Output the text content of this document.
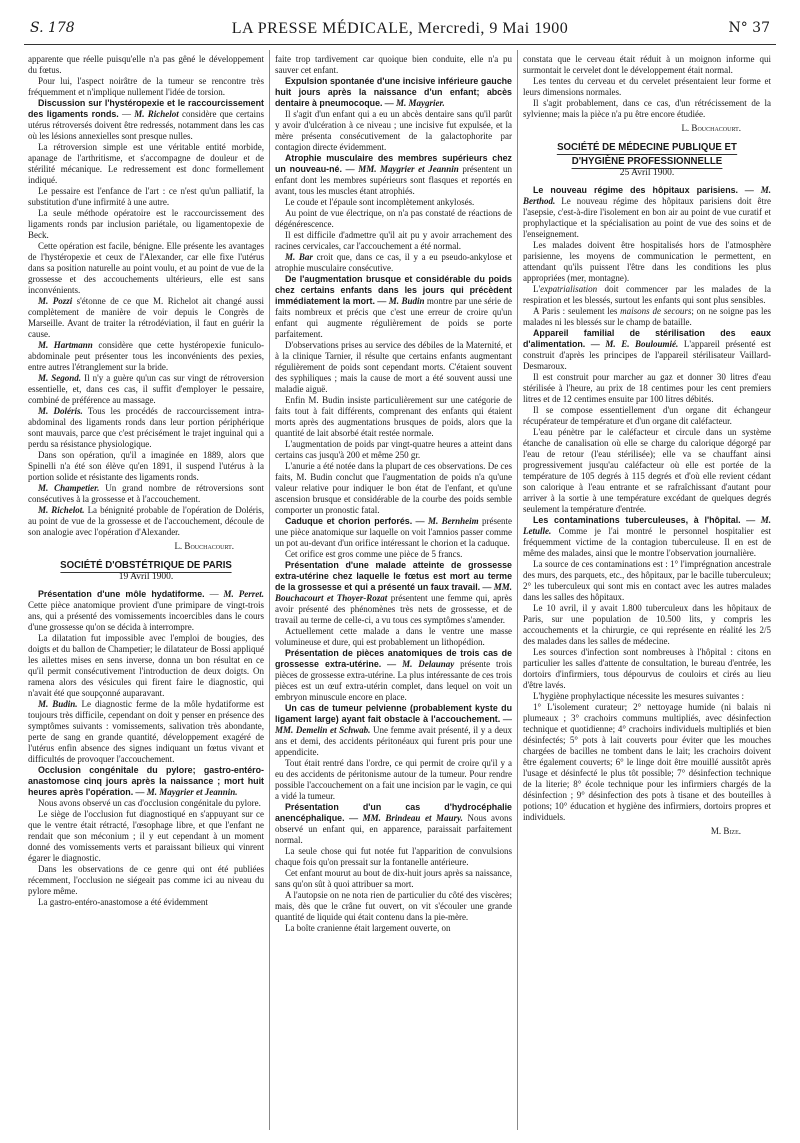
S. 178	LA PRESSE MÉDICALE, Mercredi, 9 Mai 1900	N° 37

apparente que réelle puisqu'elle n'a pas gêné le développement du fœtus.

Pour lui, l'aspect noirâtre de la tumeur se rencontre très fréquemment et n'implique nullement l'idée de torsion.

Discussion sur l'hystéropexie et le raccourcissement des ligaments ronds. — M. Richelot considère que certains utérus rétroversés doivent être redressés, notamment dans les cas où les lésions annexielles sont presque nulles.

La rétroversion simple est une véritable entité morbide, apanage de l'arthritisme, et s'accompagne de douleur et de stérilité mécanique. Le redressement est donc formellement indiqué.

Le pessaire est l'enfance de l'art : ce n'est qu'un palliatif, la substitution d'une infirmité à une autre.

La seule méthode opératoire est le raccourcissement des ligaments ronds par inclusion pariétale, ou ligamentopexie de Beck.

Cette opération est facile, bénigne. Elle présente les avantages de l'hystéropexie et ceux de l'Alexander, car elle fixe l'utérus dans sa position naturelle au point voulu, et au point de vue de la grossesse et des accouchements ultérieurs, elle est sans inconvénients.

M. Pozzi s'étonne de ce que M. Richelot ait changé aussi complètement de manière de voir depuis le Congrès de Marseille. Avant de traiter la rétrodéviation, il faut en guérir la cause.

M. Hartmann considère que cette hystéropexie funiculo-abdominale peut présenter tous les inconvénients des pexies, entre autres l'étranglement sur la bride.

M. Segond. Il n'y a guère qu'un cas sur vingt de rétroversion essentielle, et, dans ces cas, il suffit d'employer le pessaire, combiné de préférence au massage.

M. Doléris. Tous les procédés de raccourcissement intra-abdominal des ligaments ronds dans leur portion périphérique sont mauvais, parce que c'est précisément le trajet inguinal qui a perdu sa résistance physiologique.

Dans son opération, qu'il a imaginée en 1889, alors que Spinelli n'a été son élève qu'en 1891, il suspend l'utérus à la portion solide et résistante des ligaments ronds.

M. Champetier. Un grand nombre de rétroversions sont consécutives à la grossesse et à l'accouchement.

M. Richelot. La bénignité probable de l'opération de Doléris, au point de vue de la grossesse et de l'accouchement, découle de son analogie avec l'opération d'Alexander.

L. Bouchacourt.

SOCIÉTÉ D'OBSTÉTRIQUE DE PARIS

19 Avril 1900.

Présentation d'une môle hydatiforme. — M. Perret. Cette pièce anatomique provient d'une primipare de vingt-trois ans, qui a présenté des vomissements incoercibles dans le cours d'une grossesse qu'on se décida à interrompre.

La dilatation fut impossible avec l'emploi de bougies, des doigts et du ballon de Champetier; le dilatateur de Bossi appliqué les ailettes mises en sens inverse, donna un bon résultat en ce qu'il permit consécutivement l'introduction de deux doigts. On ramena alors des vésicules qui firent faire le diagnostic, qui n'avait été que soupçonné auparavant.

M. Budin. Le diagnostic ferme de la môle hydatiforme est toujours très difficile, cependant on doit y penser en présence des symptômes suivants : vomissements, salivation très abondante, perte de sang en grande quantité, développement exagéré de l'utérus enfin absence des signes indiquant un fœtus vivant et difficultés de provoquer l'accouchement.

Occlusion congénitale du pylore; gastro-entéro-anastomose cinq jours après la naissance ; mort huit heures après l'opération. — M. Maygrier et Jeannin.

Nous avons observé un cas d'occlusion congénitale du pylore.

Le siège de l'occlusion fut diagnostiqué en s'appuyant sur ce que le ventre était rétracté, l'œsophage libre, et que l'enfant ne rendait que son méconium ; il y eut cependant à un moment donné des vomissements verts et paraissant bilieux qui vinrent égarer le diagnostic.

Dans les observations de ce genre qui ont été publiées récemment, l'occlusion ne siégeait pas comme ici au niveau du pylore même.

La gastro-entéro-anastomose a été évidemment

faite trop tardivement car quoique bien conduite, elle n'a pu sauver cet enfant.

Expulsion spontanée d'une incisive inférieure gauche huit jours après la naissance d'un enfant; abcès dentaire à pneumocoque. — M. Maygrier.

Il s'agit d'un enfant qui a eu un abcès dentaire sans qu'il parût y avoir d'ulcération à ce niveau ; une incisive fut expulsée, et la mère présenta consécutivement de la galactophorite par contagion directe évidemment.

Atrophie musculaire des membres supérieurs chez un nouveau-né. — MM. Maygrier et Jeannin présentent un enfant dont les membres supérieurs sont flasques et reportés en avant, tous les muscles étant atrophiés.

Le coude et l'épaule sont incomplètement ankylosés.

Au point de vue électrique, on n'a pas constaté de réactions de dégénérescence.

Il est difficile d'admettre qu'il ait pu y avoir arrachement des racines cervicales, car l'accouchement a été normal.

M. Bar croit que, dans ce cas, il y a eu pseudo-ankylose et atrophie musculaire consécutive.

De l'augmentation brusque et considérable du poids chez certains enfants dans les jours qui précèdent immédiatement la mort. — M. Budin montre par une série de faits nombreux et précis que c'est une erreur de croire qu'un enfant qui augmente régulièrement de poids se porte parfaitement.

D'observations prises au service des débiles de la Maternité, et à la clinique Tarnier, il résulte que certains enfants augmentant régulièrement de poids sont cependant morts. C'étaient souvent des syphiliques ; mais la cause de mort a été souvent aussi une maladie aiguë.

Enfin M. Budin insiste particulièrement sur une catégorie de faits tout à fait différents, comprenant des enfants qui étaient morts après des augmentations brusques de poids, alors que la quantité de lait absorbé était restée normale.

L'augmentation de poids par vingt-quatre heures a atteint dans certains cas jusqu'à 200 et même 250 gr.

L'anurie a été notée dans la plupart de ces observations. De ces faits, M. Budin conclut que l'augmentation de poids n'a qu'une valeur relative pour indiquer le bon état de l'enfant, et qu'une ascension brusque et considérable de la courbe des poids semble comporter un pronostic fatal.

Caduque et chorion perforés. — M. Bernheim présente une pièce anatomique sur laquelle on voit l'amnios passer comme un pot au-devant d'un orifice intéressant le chorion et la caduque.

Cet orifice est gros comme une pièce de 5 francs.

Présentation d'une malade atteinte de grossesse extra-utérine chez laquelle le fœtus est mort au terme de la grossesse et qui a présenté un faux travail. — MM. Bouchacourt et Thoyer-Rozat présentent une femme qui, après avoir présenté des phénomènes très nets de grossesse, et de travail au terme de celle-ci, a vu tous ces symptômes s'amender.

Actuellement cette malade a dans le ventre une masse volumineuse et dure, qui est probablement un lithopédion.

Présentation de pièces anatomiques de trois cas de grossesse extra-utérine. — M. Delaunay présente trois pièces de grossesse extra-utérine. La plus intéressante de ces trois pièces est un œuf extra-utérin complet, dans lequel on voit un embryon minuscule encore en place.

Un cas de tumeur pelvienne (probablement kyste du ligament large) ayant fait obstacle à l'accouchement. — MM. Demelin et Schwab. Une femme avait présenté, il y a deux ans et demi, des accidents péritonéaux qui furent pris pour une appendicite.

Tout était rentré dans l'ordre, ce qui permit de croire qu'il y a eu des accidents de péritonisme autour de la tumeur. Pour rendre possible l'accouchement on a fait une incision par le vagin, ce qui a vidé la tumeur.

Présentation d'un cas d'hydrocéphalie anencéphalique. — MM. Brindeau et Maury. Nous avons observé un enfant qui, en apparence, paraissait parfaitement normal.

La seule chose qui fut notée fut l'apparition de convulsions chaque fois qu'on pressait sur la fontanelle antérieure.

Cet enfant mourut au bout de dix-huit jours après sa naissance, sans qu'on sût à quoi attribuer sa mort.

A l'autopsie on ne nota rien de particulier du côté des viscères; mais, dès que le crâne fut ouvert, on vit s'écouler une grande quantité de liquide qui était contenu dans la pie-mère.

La boîte cranienne était largement ouverte, on

constata que le cerveau était réduit à un moignon informe qui surmontait le cervelet dont le développement était normal.

Les tentes du cerveau et du cervelet présentaient leur forme et leurs dimensions normales.

Il s'agit probablement, dans ce cas, d'un rétrécissement de la sylvienne; mais la pièce n'a pu être encore étudiée.

L. Bouchacourt.

SOCIÉTÉ DE MÉDECINE PUBLIQUE ET D'HYGIÈNE PROFESSIONNELLE

25 Avril 1900.

Le nouveau régime des hôpitaux parisiens. — M. Berthod. Le nouveau régime des hôpitaux parisiens doit être l'asepsie, c'est-à-dire l'isolement en bon air au point de vue curatif et prophylactique et la spécialisation au point de vue des soins et de l'enseignement.

Les malades doivent être hospitalisés hors de l'atmosphère parisienne, les moyens de communication le permettent, en attendant qu'ils puissent l'être dans les conditions les plus appropriées (mer, montagne).

L'expatrialisation doit commencer par les malades de la respiration et les blessés, surtout les enfants qui sont plus sensibles.

A Paris : seulement les maisons de secours; on ne soigne pas les malades ni les blessés sur le champ de bataille.

Appareil familial de stérilisation des eaux d'alimentation. — M. E. Bouloumié. L'appareil présenté est construit d'après les principes de l'appareil stérilisateur Vaillard-Desmaroux.

Il est construit pour marcher au gaz et donner 30 litres d'eau stérilisée à l'heure, au prix de 18 centimes pour les cent premiers litres et de 12 centimes ensuite par 100 litres débités.

Il se compose essentiellement d'un organe dit échangeur récupérateur de température et d'un organe dit caléfacteur.

L'eau pénètre par le caléfacteur et circule dans un système étanche de canalisation où elle se charge du calorique dégorgé par l'eau de retour (l'eau stérilisée); elle va se chauffant ainsi progressivement jusqu'au caléfacteur où elle est portée de la température de 105 degrés à 115 degrés et d'où elle revient cédant son calorique à l'eau entrante et se rafraîchissant d'autant pour arriver à la sortie à une température excédant de quelques degrés seulement la température d'entrée.

Les contaminations tuberculeuses, à l'hôpital. — M. Letulle. Comme je l'ai montré le personnel hospitalier est fréquemment victime de la contagion tuberculeuse. Il en est de même des malades, ainsi que le montre l'observation journalière.

La source de ces contaminations est : 1° l'imprégnation ancestrale des murs, des parquets, etc., des hôpitaux, par le bacille tuberculeux; 2° les tuberculeux qui sont mis en contact avec les autres malades dans les salles des hôpitaux.

Le 10 avril, il y avait 1.800 tuberculeux dans les hôpitaux de Paris, sur une population de 10.500 lits, y compris les accouchements et la chirurgie, ce qui représente en réalité les 2/5 des malades dans les salles de médecine.

Les sources d'infection sont nombreuses à l'hôpital : citons en particulier les salles d'attente de consultation, le bureau d'entrée, les dortoirs d'infirmiers, tous dépourvus de couloirs et cirés au lieu d'être lavés.

L'hygiène prophylactique nécessite les mesures suivantes :

1° L'isolement curateur; 2° nettoyage humide (ni balais ni plumeaux ; 3° crachoirs communs multipliés, avec désinfection technique et quotidienne; 4° crachoirs individuels multipliés et bien désinfectés; 5° pots à lait couverts pour éviter que les mouches chargées de bacilles ne tombent dans le lait; les crachoirs doivent être également couverts; 6° le linge doit être mouillé aussitôt après l'usage et désinfecté le plus tôt possible; 7° désinfection technique de la literie; 8° école technique pour les infirmiers chargés de la désinfection ; 9° désinfection des pots à tisane et des bouteilles à potions; 10° éducation et hygiène des infirmiers, dortoirs propres et individuels.

M. Bize.
